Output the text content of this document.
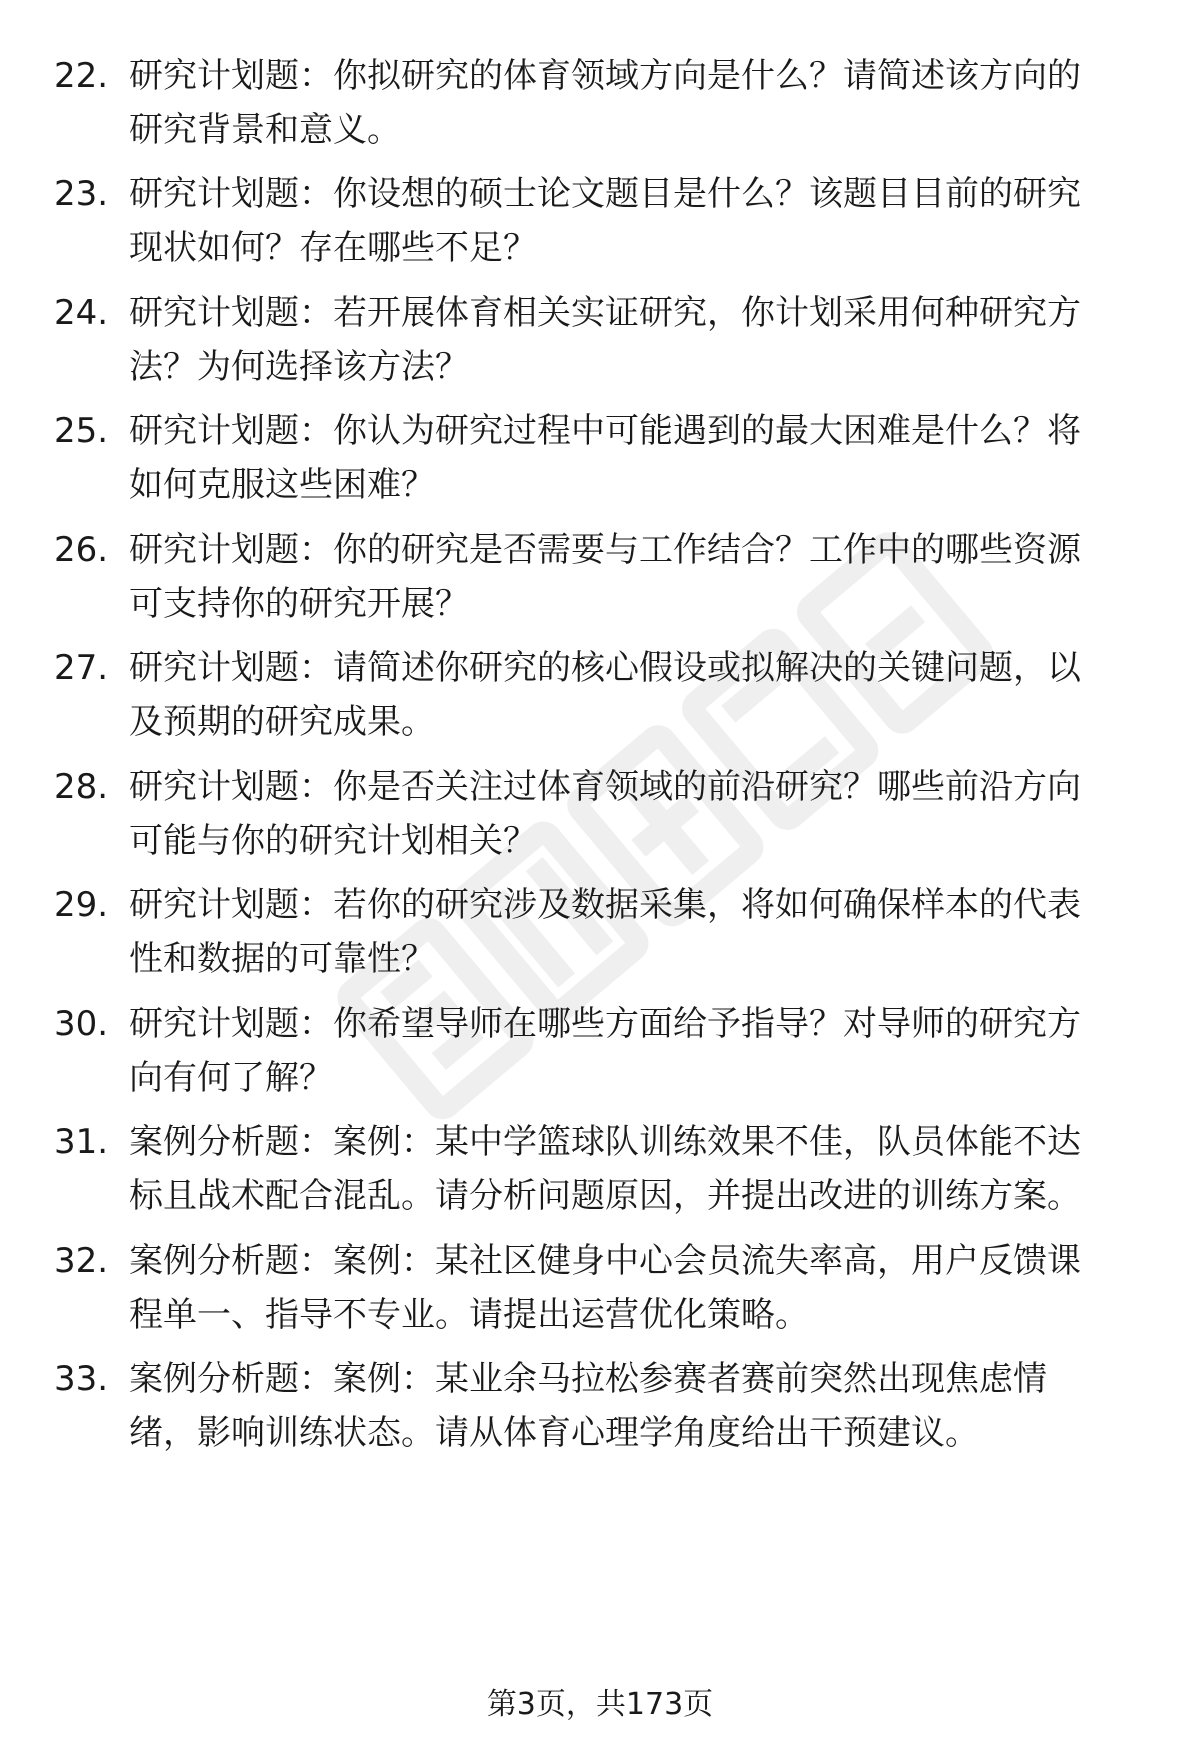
22. 研究计划题：你拟研究的体育领域方向是什么？请简述该方向的
研究背景和意义。
23. 研究计划题：你设想的硕士论文题目是什么？该题目目前的研究
现状如何？存在哪些不足？
24. 研究计划题：若开展体育相关实证研究，你计划采用何种研究方
法？为何选择该方法？
25. 研究计划题：你认为研究过程中可能遇到的最大困难是什么？将
如何克服这些困难？
26. 研究计划题：你的研究是否需要与工作结合？工作中的哪些资源
可支持你的研究开展？
27. 研究计划题：请简述你研究的核心假设或拟解决的关键问题，以
及预期的研究成果。
28. 研究计划题：你是否关注过体育领域的前沿研究？哪些前沿方向
可能与你的研究计划相关？
29. 研究计划题：若你的研究涉及数据采集，将如何确保样本的代表
性和数据的可靠性？
30. 研究计划题：你希望导师在哪些方面给予指导？对导师的研究方
向有何了解？
31. 案例分析题：案例：某中学篮球队训练效果不佳，队员体能不达
标且战术配合混乱。请分析问题原因，并提出改进的训练方案。
32. 案例分析题：案例：某社区健身中心会员流失率高，用户反馈课
程单一、指导不专业。请提出运营优化策略。
33. 案例分析题：案例：某业余马拉松参赛者赛前突然出现焦虑情
绪，影响训练状态。请从体育心理学角度给出干预建议。
第3页，共173页
